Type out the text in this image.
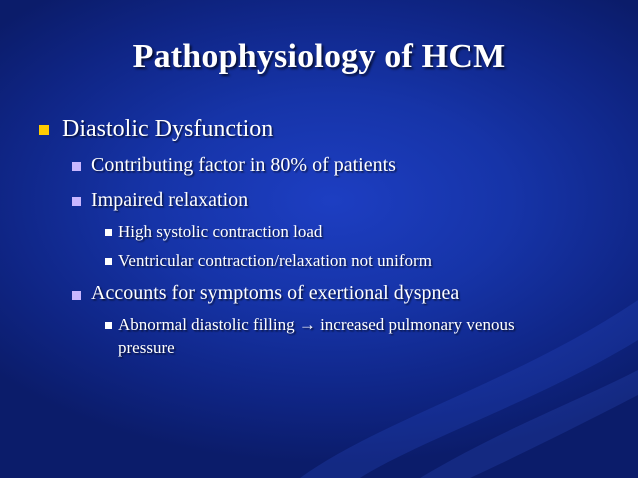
Pathophysiology of HCM
Diastolic Dysfunction
Contributing factor in 80% of patients
Impaired relaxation
High systolic contraction load
Ventricular contraction/relaxation not uniform
Accounts for symptoms of exertional dyspnea
Abnormal diastolic filling → increased pulmonary venous
pressure
